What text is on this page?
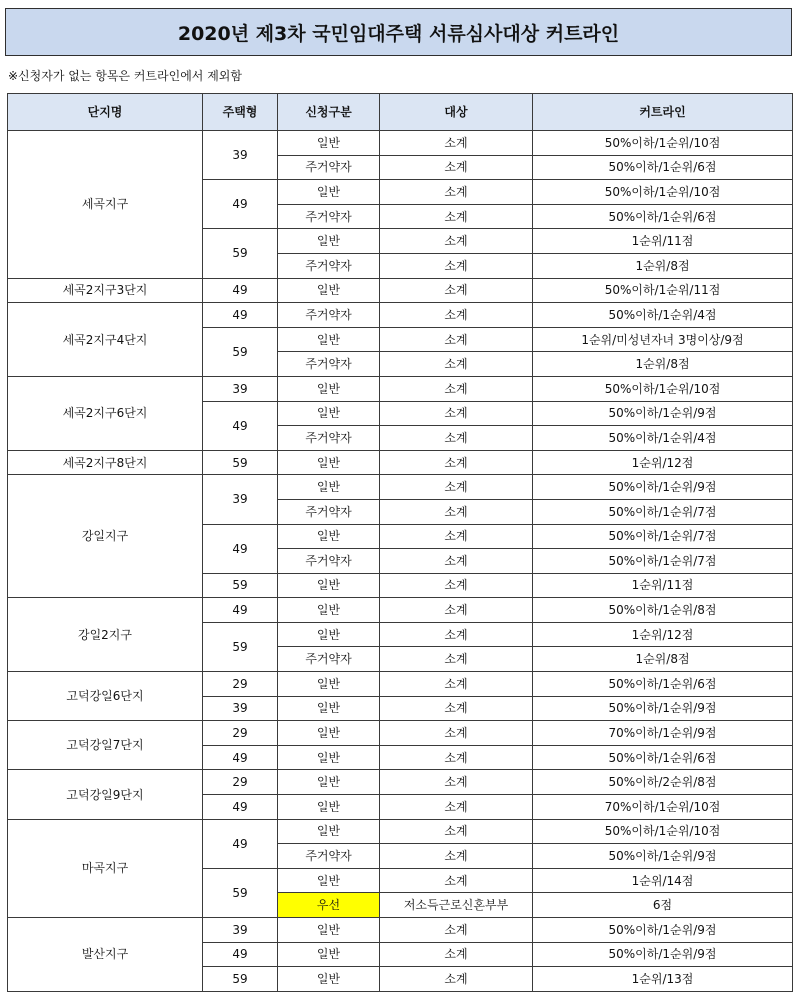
2020년 제3차 국민임대주택 서류심사대상 커트라인
※신청자가 없는 항목은 커트라인에서 제외함
단지명	주택형	신청구분	대상	커트라인
세곡지구	39	일반	소계	50%이하/1순위/10점
		주거약자	소계	50%이하/1순위/6점
	49	일반	소계	50%이하/1순위/10점
		주거약자	소계	50%이하/1순위/6점
	59	일반	소계	1순위/11점
		주거약자	소계	1순위/8점
세곡2지구3단지	49	일반	소계	50%이하/1순위/11점
세곡2지구4단지	49	주거약자	소계	50%이하/1순위/4점
	59	일반	소계	1순위/미성년자녀 3명이상/9점
		주거약자	소계	1순위/8점
세곡2지구6단지	39	일반	소계	50%이하/1순위/10점
	49	일반	소계	50%이하/1순위/9점
		주거약자	소계	50%이하/1순위/4점
세곡2지구8단지	59	일반	소계	1순위/12점
강일지구	39	일반	소계	50%이하/1순위/9점
		주거약자	소계	50%이하/1순위/7점
	49	일반	소계	50%이하/1순위/7점
		주거약자	소계	50%이하/1순위/7점
	59	일반	소계	1순위/11점
강일2지구	49	일반	소계	50%이하/1순위/8점
	59	일반	소계	1순위/12점
		주거약자	소계	1순위/8점
고덕강일6단지	29	일반	소계	50%이하/1순위/6점
	39	일반	소계	50%이하/1순위/9점
고덕강일7단지	29	일반	소계	70%이하/1순위/9점
	49	일반	소계	50%이하/1순위/6점
고덕강일9단지	29	일반	소계	50%이하/2순위/8점
	49	일반	소계	70%이하/1순위/10점
마곡지구	49	일반	소계	50%이하/1순위/10점
		주거약자	소계	50%이하/1순위/9점
	59	일반	소계	1순위/14점
		우선	저소득근로신혼부부	6점
발산지구	39	일반	소계	50%이하/1순위/9점
	49	일반	소계	50%이하/1순위/9점
	59	일반	소계	1순위/13점
